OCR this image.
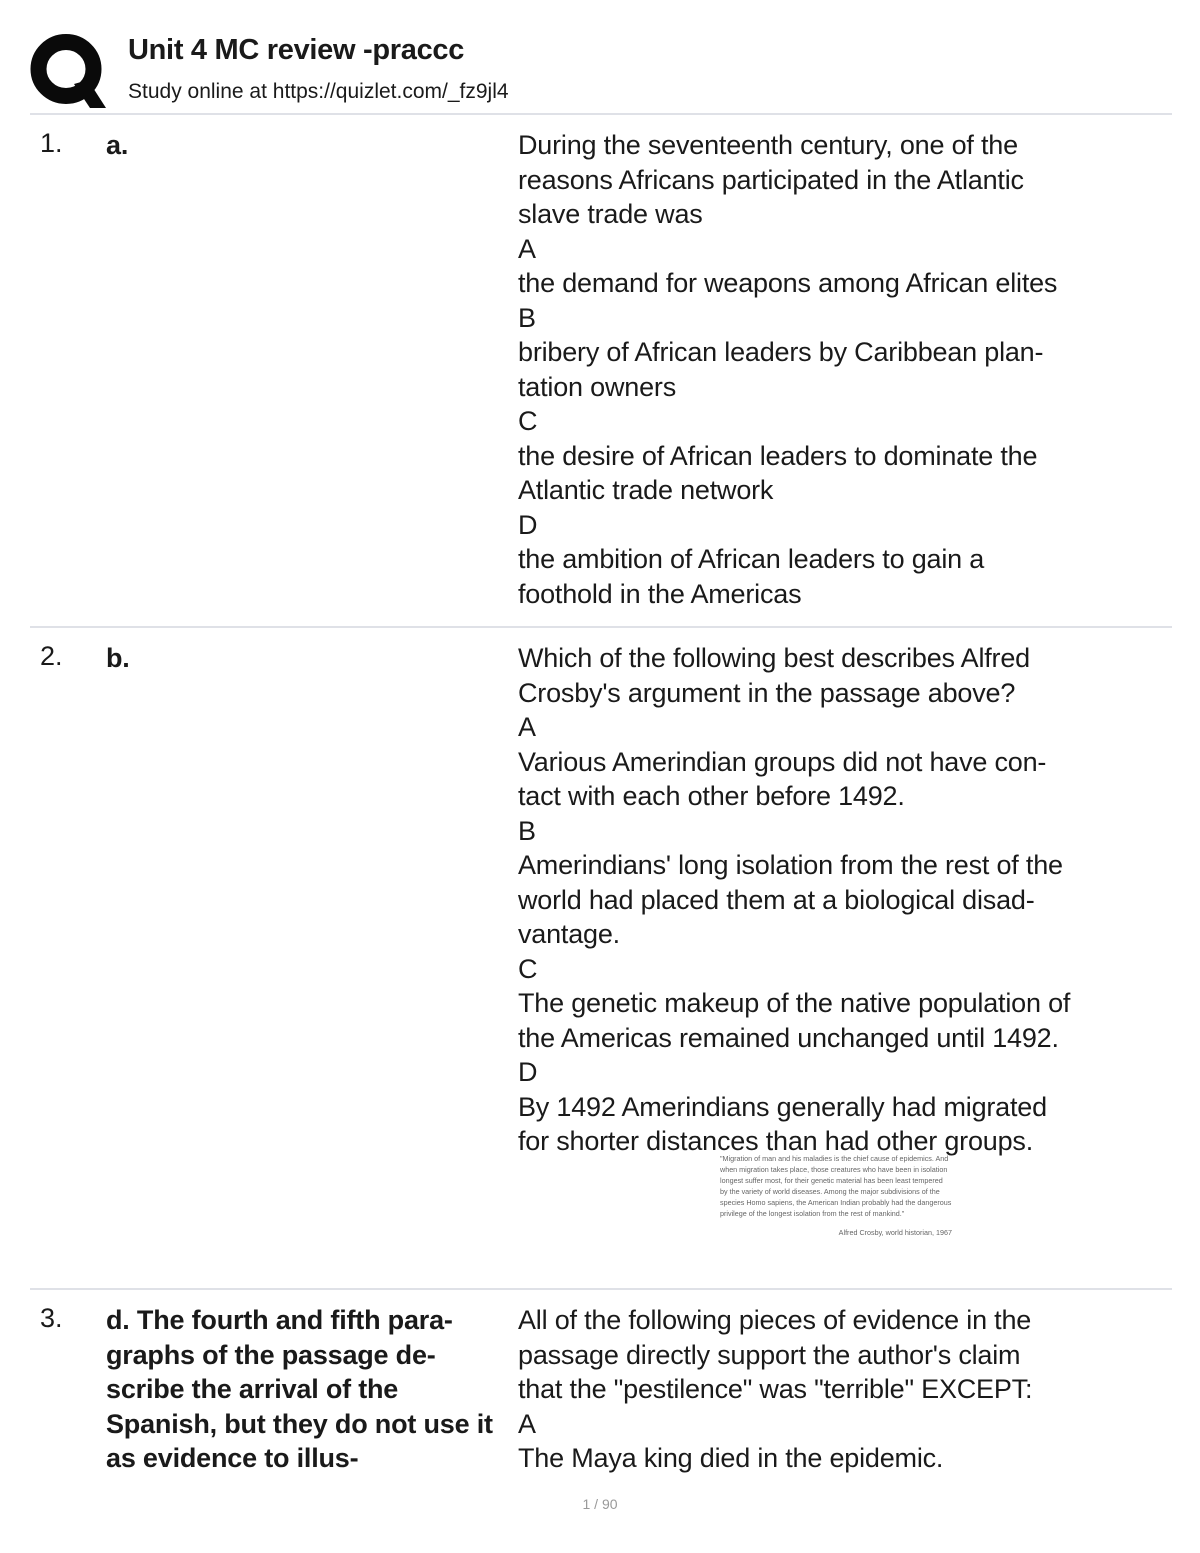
Unit 4 MC review -praccc
Study online at https://quizlet.com/_fz9jl4
1. a.	During the seventeenth century, one of the
reasons Africans participated in the Atlantic
slave trade was
A
the demand for weapons among African elites
B
bribery of African leaders by Caribbean plan-
tation owners
C
the desire of African leaders to dominate the
Atlantic trade network
D
the ambition of African leaders to gain a
foothold in the Americas
2. b.	Which of the following best describes Alfred
Crosby's argument in the passage above?
A
Various Amerindian groups did not have con-
tact with each other before 1492.
B
Amerindians' long isolation from the rest of the
world had placed them at a biological disad-
vantage.
C
The genetic makeup of the native population of
the Americas remained unchanged until 1492.
D
By 1492 Amerindians generally had migrated
for shorter distances than had other groups.
"Migration of man and his maladies is the chief cause of epidemics. And when migration takes place, those creatures who have been in isolation longest suffer most, for their genetic material has been least tempered by the variety of world diseases. Among the major subdivisions of the species Homo sapiens, the American Indian probably had the dangerous privilege of the longest isolation from the rest of mankind."
Alfred Crosby, world historian, 1967
3. d. The fourth and fifth para- graphs of the passage de- scribe the arrival of the Spanish, but they do not use it as evidence to illus-
All of the following pieces of evidence in the
passage directly support the author's claim
that the "pestilence" was "terrible" EXCEPT:
A
The Maya king died in the epidemic.
1 / 90
